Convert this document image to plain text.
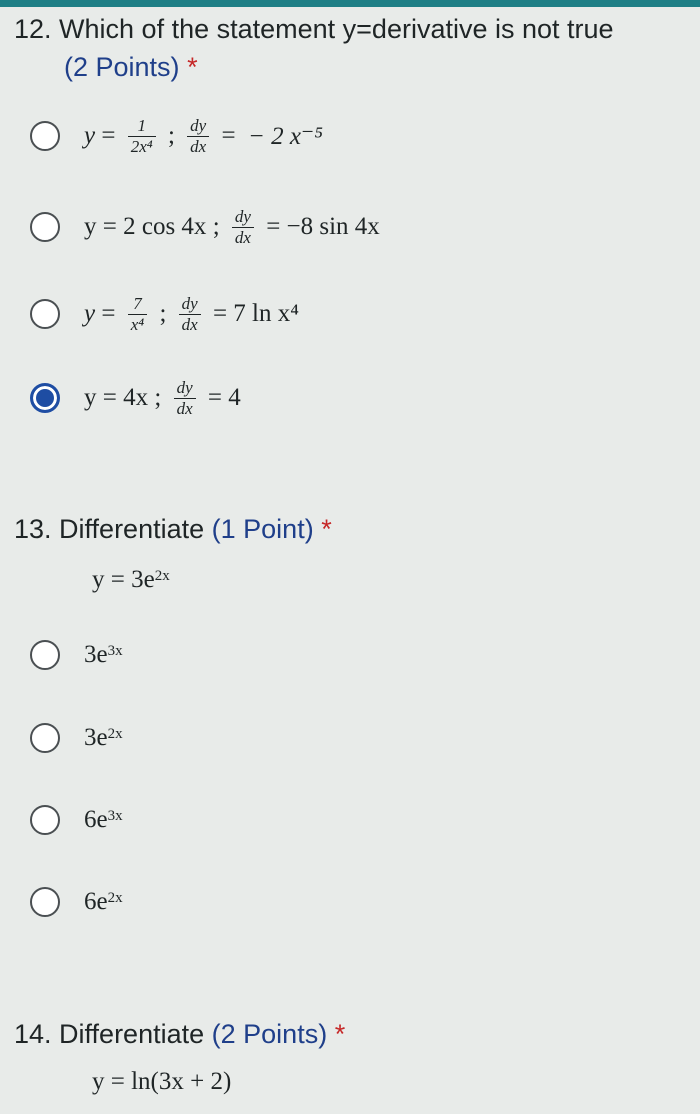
12. Which of the statement y=derivative is not true
(2 Points) *
$y = \frac{1}{\text{2x⁴}}$ ; $\frac{dy}{dx}$ = − 2 x⁻⁵
y = 2 cos 4x ; $\frac{dy}{dx}$
= −8 sin 4x
$y = \frac{7}{\text{x⁴}}$ ; $\frac{dy}{dx} = 7$ ln x⁴
y = 4x ; $\frac{dy}{dx}$
= 4
13. Differentiate (1 Point) *
$y = 3e^{2x}$
$3e^{3x}$
$3e^{2x}$
$6e^{3x}$
$6e^{2x}$
14. Differentiate (2 Points) *
y = ln(3x + 2)
